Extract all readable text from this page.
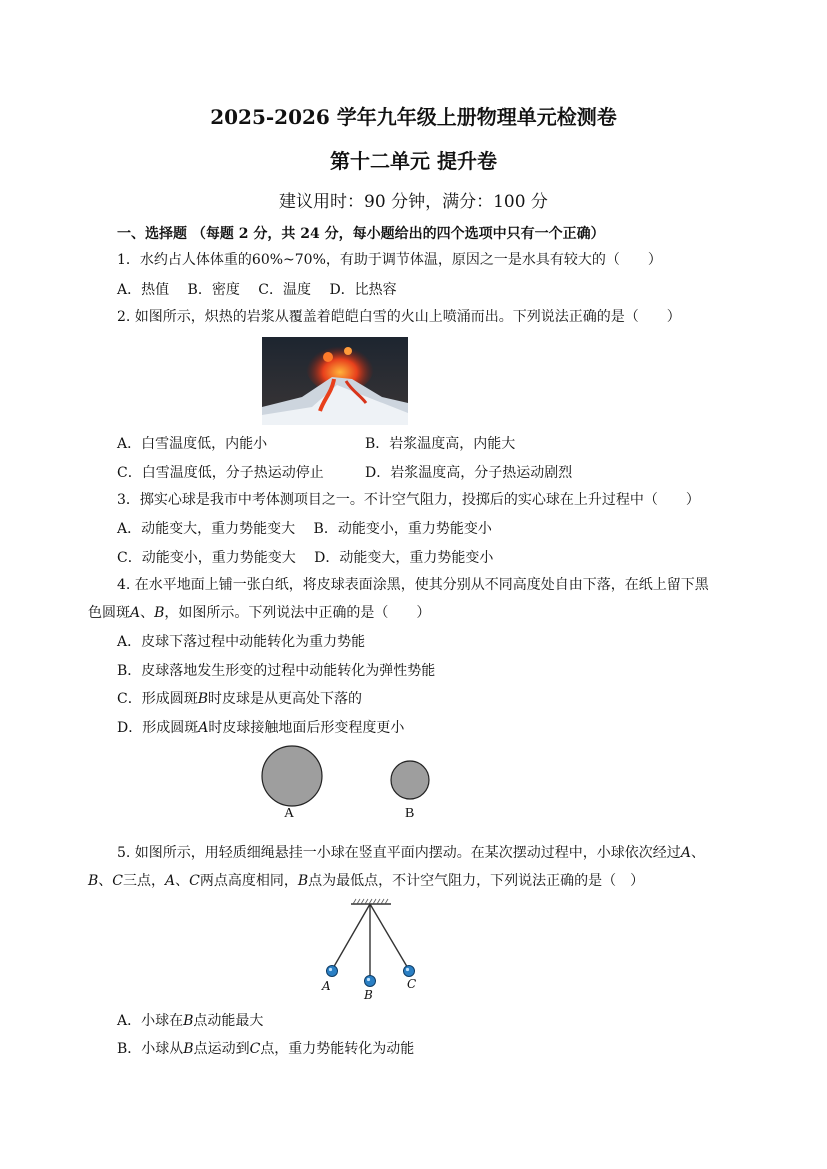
2025-2026 学年九年级上册物理单元检测卷
第十二单元 提升卷
建议用时：90 分钟，满分：100 分
一、选择题 （每题 2 分，共 24 分，每小题给出的四个选项中只有一个正确）
1．水约占人体体重的60%~70%，有助于调节体温，原因之一是水具有较大的（　　）
A．热值　 B．密度　 C．温度　 D．比热容
2. 如图所示，炽热的岩浆从覆盖着皑皑白雪的火山上喷涌而出。下列说法正确的是（　　）
A．白雪温度低，内能小	B．岩浆温度高，内能大
C．白雪温度低，分子热运动停止	D．岩浆温度高，分子热运动剧烈
3．掷实心球是我市中考体测项目之一。不计空气阻力，投掷后的实心球在上升过程中（　　）
A．动能变大，重力势能变大　 B．动能变小，重力势能变小
C．动能变小，重力势能变大　 D．动能变大，重力势能变小
4. 在水平地面上铺一张白纸，将皮球表面涂黑，使其分别从不同高度处自由下落，在纸上留下黑
色圆斑A、B，如图所示。下列说法中正确的是（　　）
A．皮球下落过程中动能转化为重力势能
B．皮球落地发生形变的过程中动能转化为弹性势能
C．形成圆斑B时皮球是从更高处下落的
D．形成圆斑A时皮球接触地面后形变程度更小
A	B
5. 如图所示，用轻质细绳悬挂一小球在竖直平面内摆动。在某次摆动过程中，小球依次经过A、
B、C三点，A、C两点高度相同，B点为最低点，不计空气阻力，下列说法正确的是（　）
A
B
C
A．小球在B点动能最大
B．小球从B点运动到C点，重力势能转化为动能
